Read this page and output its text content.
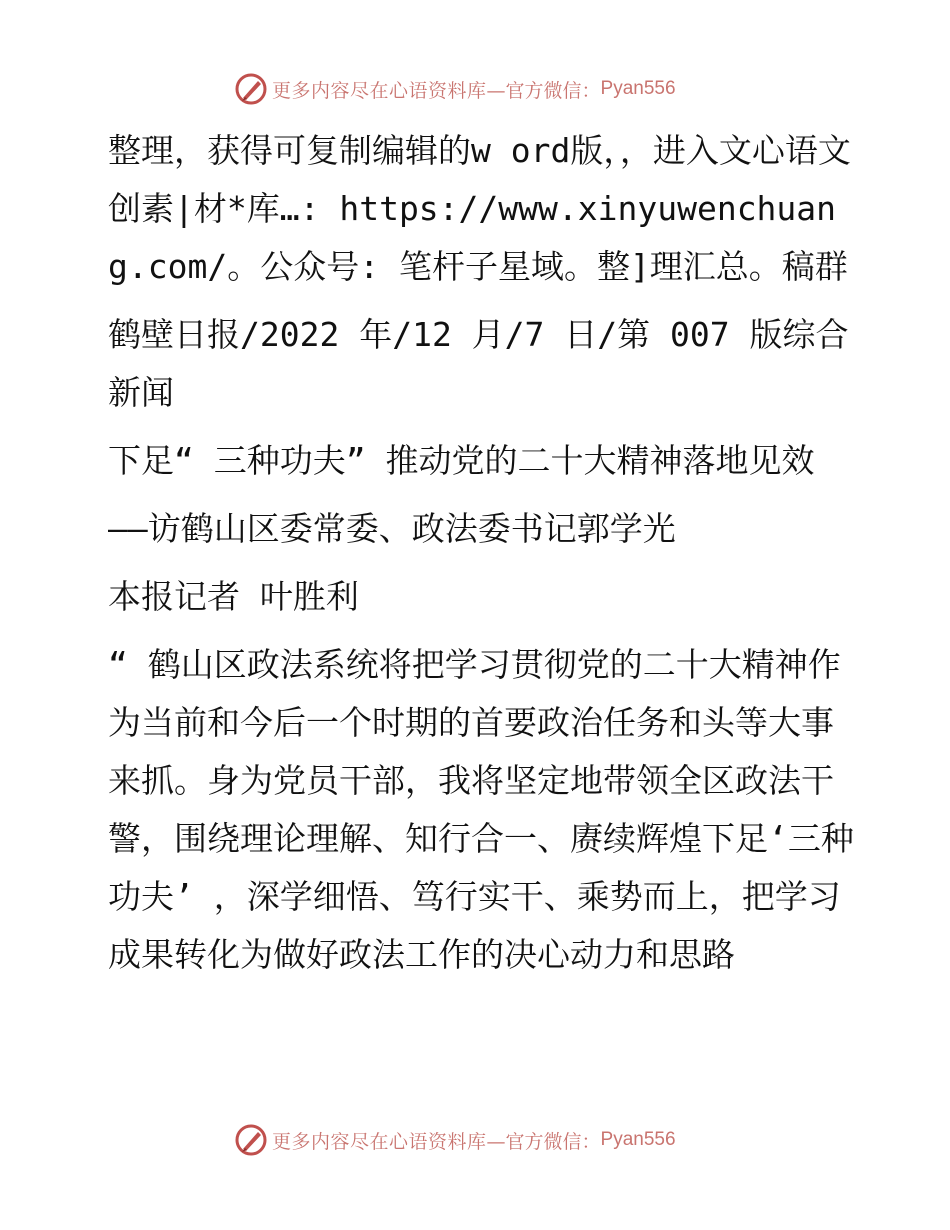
更多内容尽在心语资料库 —官方微信： Pyan556

整理，获得可复制编辑的w ord版，，进入文心语文创素|材*库…: https://www.xinyuwenchuang.com/。公众号: 笔杆子星域。整]理汇总。稿群

鹤壁日报/2022 年/12 月/7 日/第 007 版综合新闻

下足“ 三种功夫” 推动党的二十大精神落地见效

——访鹤山区委常委、政法委书记郭学光

本报记者 叶胜利

“ 鹤山区政法系统将把学习贯彻党的二十大精神作为当前和今后一个时期的首要政治任务和头等大事来抓。身为党员干部，我将坚定地带领全区政法干警，围绕理论理解、知行合一、赓续辉煌下足‘三种功夫’ ，深学细悟、笃行实干、乘势而上，把学习成果转化为做好政法工作的决心动力和思路

更多内容尽在心语资料库 —官方微信： Pyan556
